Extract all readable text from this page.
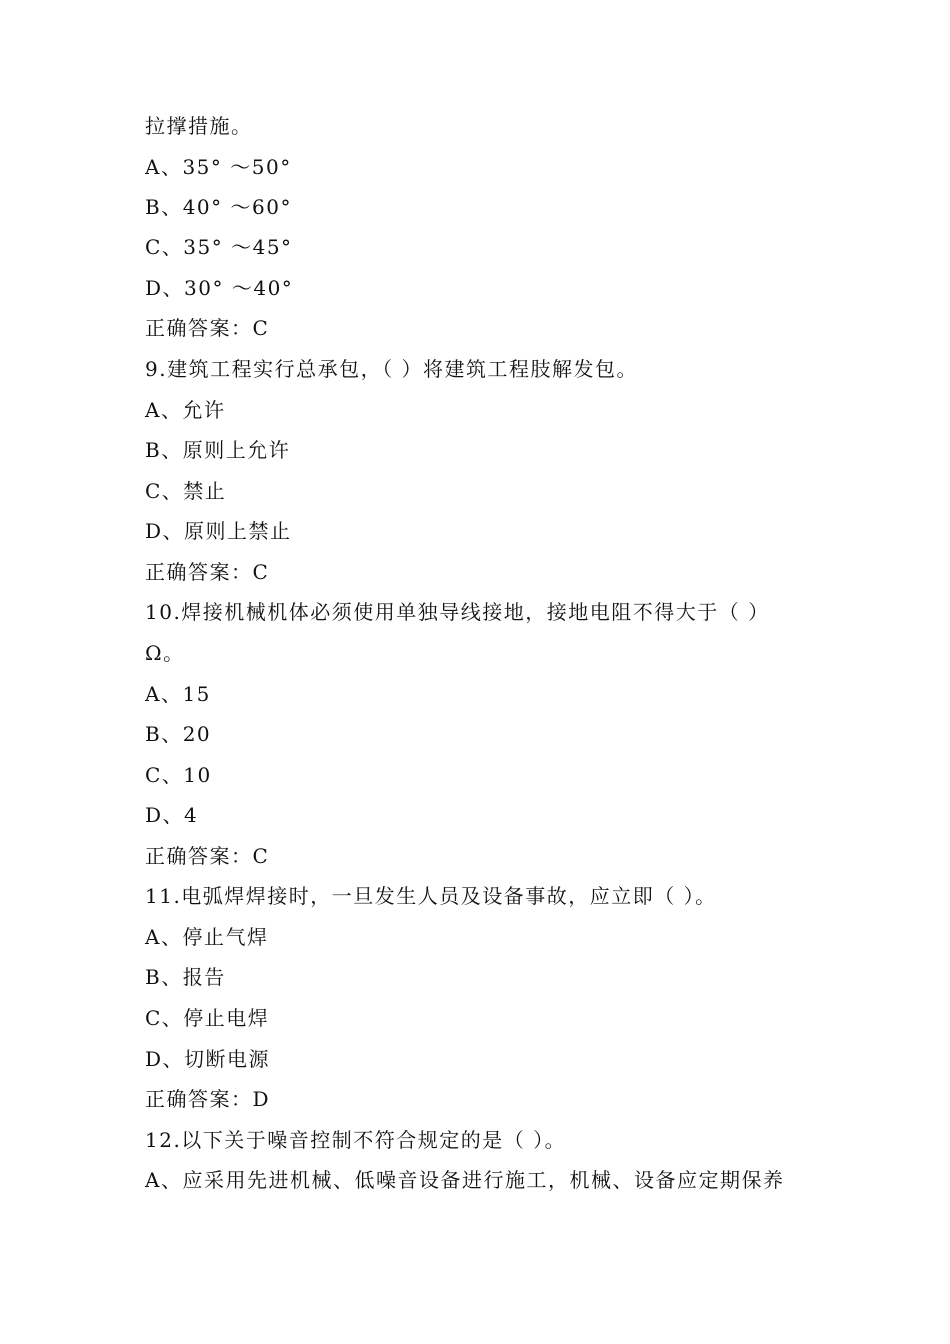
拉撑措施。
A、35° ～50°
B、40° ～60°
C、35° ～45°
D、30° ～40°
正确答案：C
9.建筑工程实行总承包，（ ）将建筑工程肢解发包。
A、允许
B、原则上允许
C、禁止
D、原则上禁止
正确答案：C
10.焊接机械机体必须使用单独导线接地，接地电阻不得大于（ ）
Ω。
A、15
B、20
C、10
D、4
正确答案：C
11.电弧焊焊接时，一旦发生人员及设备事故，应立即（ ）。
A、停止气焊
B、报告
C、停止电焊
D、切断电源
正确答案：D
12.以下关于噪音控制不符合规定的是（ ）。
A、应采用先进机械、低噪音设备进行施工，机械、设备应定期保养
